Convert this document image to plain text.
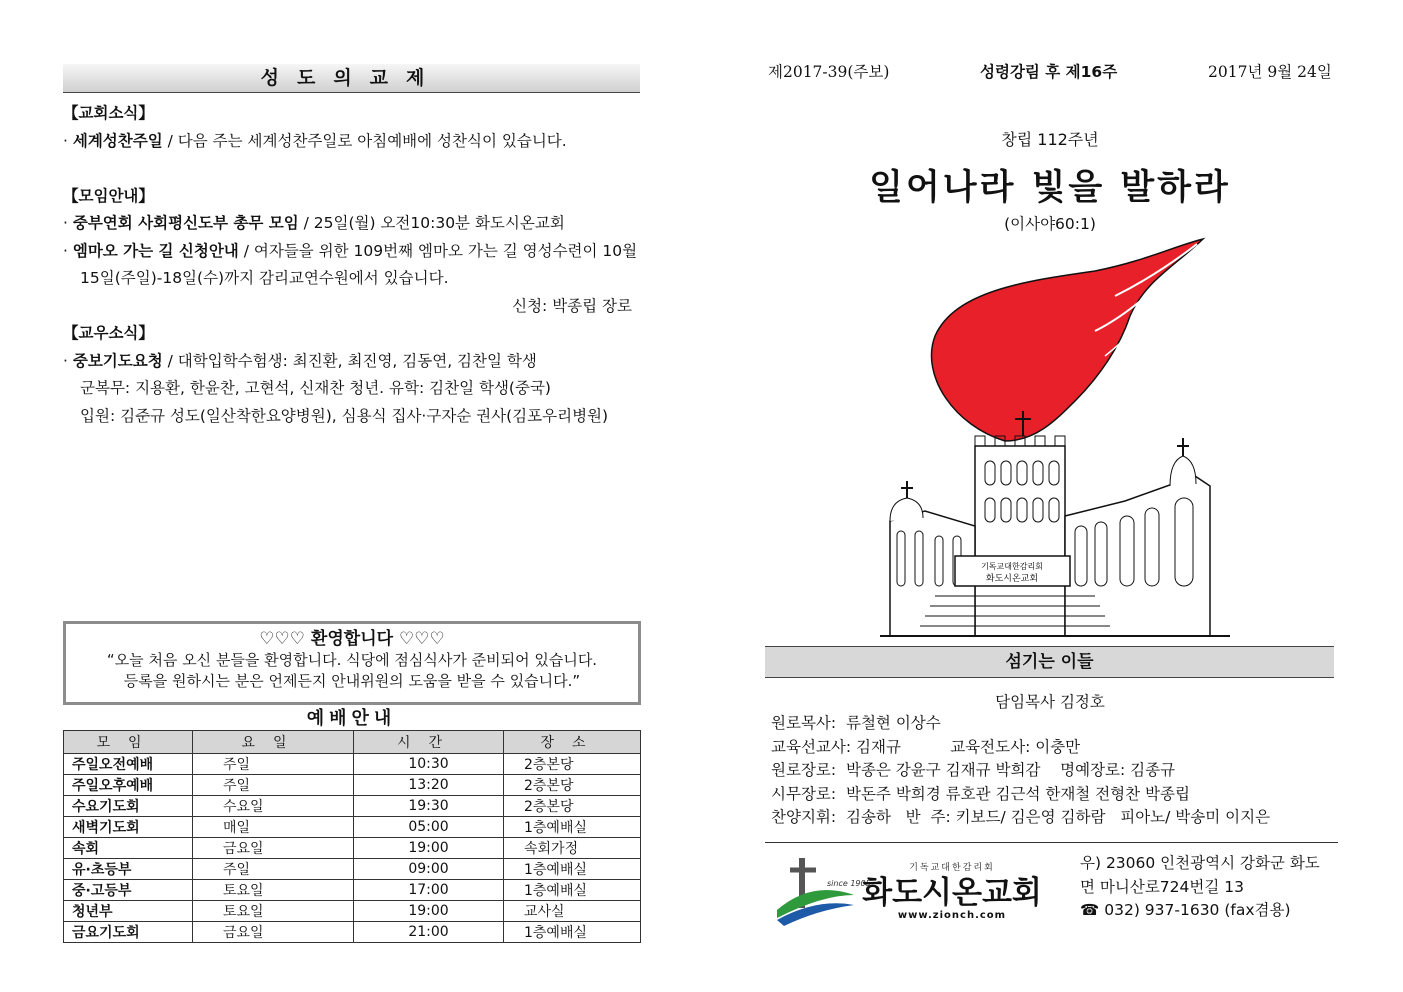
성도의교제
【교회소식】
· 세계성찬주일 / 다음 주는 세계성찬주일로 아침예배에 성찬식이 있습니다.
【모임안내】
· 중부연회 사회평신도부 총무 모임 / 25일(월) 오전10:30분 화도시온교회
· 엠마오 가는 길 신청안내 / 여자들을 위한 109번째 엠마오 가는 길 영성수련이 10월15일(주일)-18일(수)까지 감리교연수원에서 있습니다.
신청: 박종립 장로
【교우소식】
· 중보기도요청 / 대학입학수험생: 최진환, 최진영, 김동연, 김찬일 학생
군복무: 지용환, 한윤찬, 고현석, 신재찬 청년. 유학: 김찬일 학생(중국)
입원: 김준규 성도(일산착한요양병원), 심용식 집사·구자순 권사(김포우리병원)
♡♡♡ 환영합니다 ♡♡♡
“오늘 처음 오신 분들을 환영합니다. 식당에 점심식사가 준비되어 있습니다.
등록을 원하시는 분은 언제든지 안내위원의 도움을 받을 수 있습니다.”
예배안내
모임	요일	시간	장소
주일오전예배	주일	10:30	2층본당
주일오후예배	주일	13:20	2층본당
수요기도회	수요일	19:30	2층본당
새벽기도회	매일	05:00	1층예배실
속회	금요일	19:00	속회가정
유·초등부	주일	09:00	1층예배실
중·고등부	토요일	17:00	1층예배실
청년부	토요일	19:00	교사실
금요기도회	금요일	21:00	1층예배실
제2017-39(주보)	성령강림 후 제16주	2017년 9월 24일
창립 112주년
일어나라 빛을 발하라
(이사야60:1)
기독교대한감리회
화도시온교회
섬기는 이들
담임목사 김정호
원로목사:  류철현 이상수
교육선교사: 김재규          교육전도사: 이충만
원로장로:  박종은 강윤구 김재규 박희감    명예장로: 김종규
시무장로:  박돈주 박희경 류호관 김근석 한재철 전형찬 박종립
찬양지휘:  김송하   반  주: 키보드/ 김은영 김하람   피아노/ 박송미 이지은
since 1905
기독교대한감리회
화도시온교회
www.zionch.com
우) 23060 인천광역시 강화군 화도
면 마니산로724번길 13
☎ 032) 937-1630 (fax겸용)
